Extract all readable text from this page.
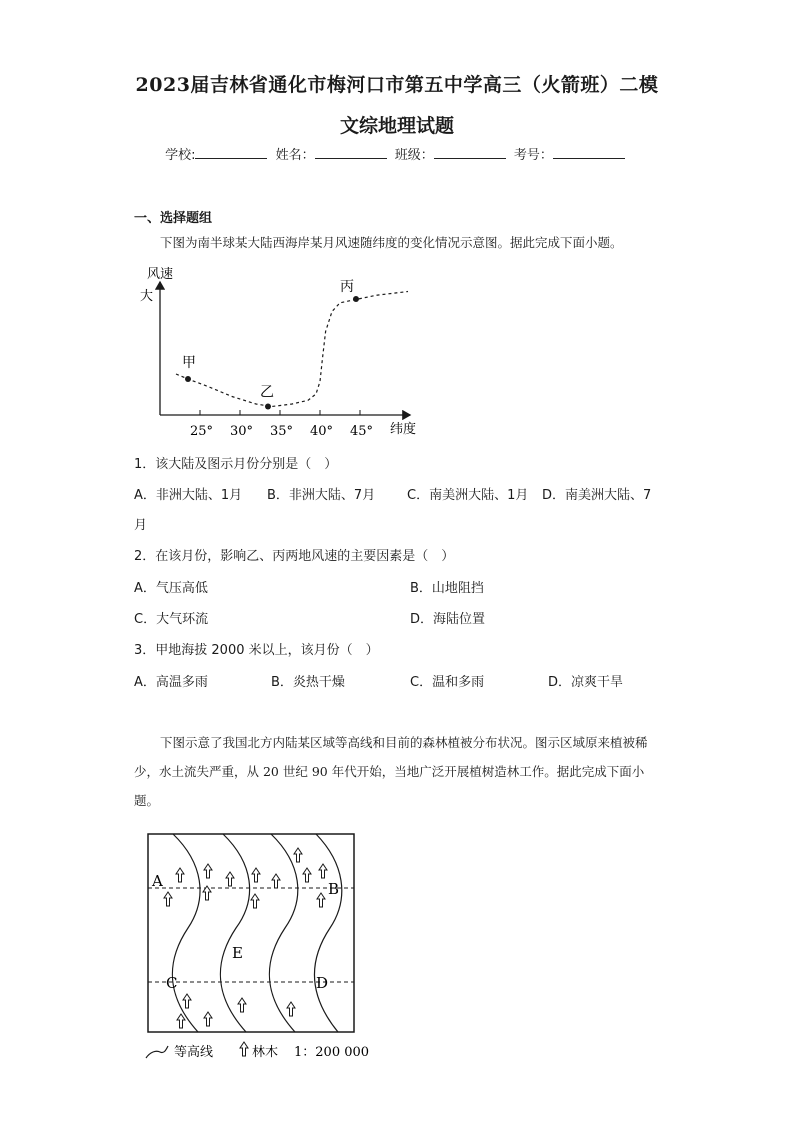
2023届吉林省通化市梅河口市第五中学高三（火箭班）二模
文综地理试题
学校:	姓名：	班级：	考号：
一、选择题组
下图为南半球某大陆西海岸某月风速随纬度的变化情况示意图。据此完成下面小题。
风速
大
纬度
25° 30° 35° 40° 45°
甲
乙
丙
1．该大陆及图示月份分别是（　）
A．非洲大陆、1月 B．非洲大陆、7月 C．南美洲大陆、1月 D．南美洲大陆、7
月
2．在该月份，影响乙、丙两地风速的主要因素是（　）
A．气压高低	B．山地阻挡
C．大气环流	D．海陆位置
3．甲地海拔 2000 米以上，该月份（　）
A．高温多雨	B．炎热干燥	C．温和多雨	D．凉爽干旱
下图示意了我国北方内陆某区域等高线和目前的森林植被分布状况。图示区域原来植被稀少，水土流失严重，从 20 世纪 90 年代开始，当地广泛开展植树造林工作。据此完成下面小题。
A	B
C	D
E
等高线	林木 1：200 000
